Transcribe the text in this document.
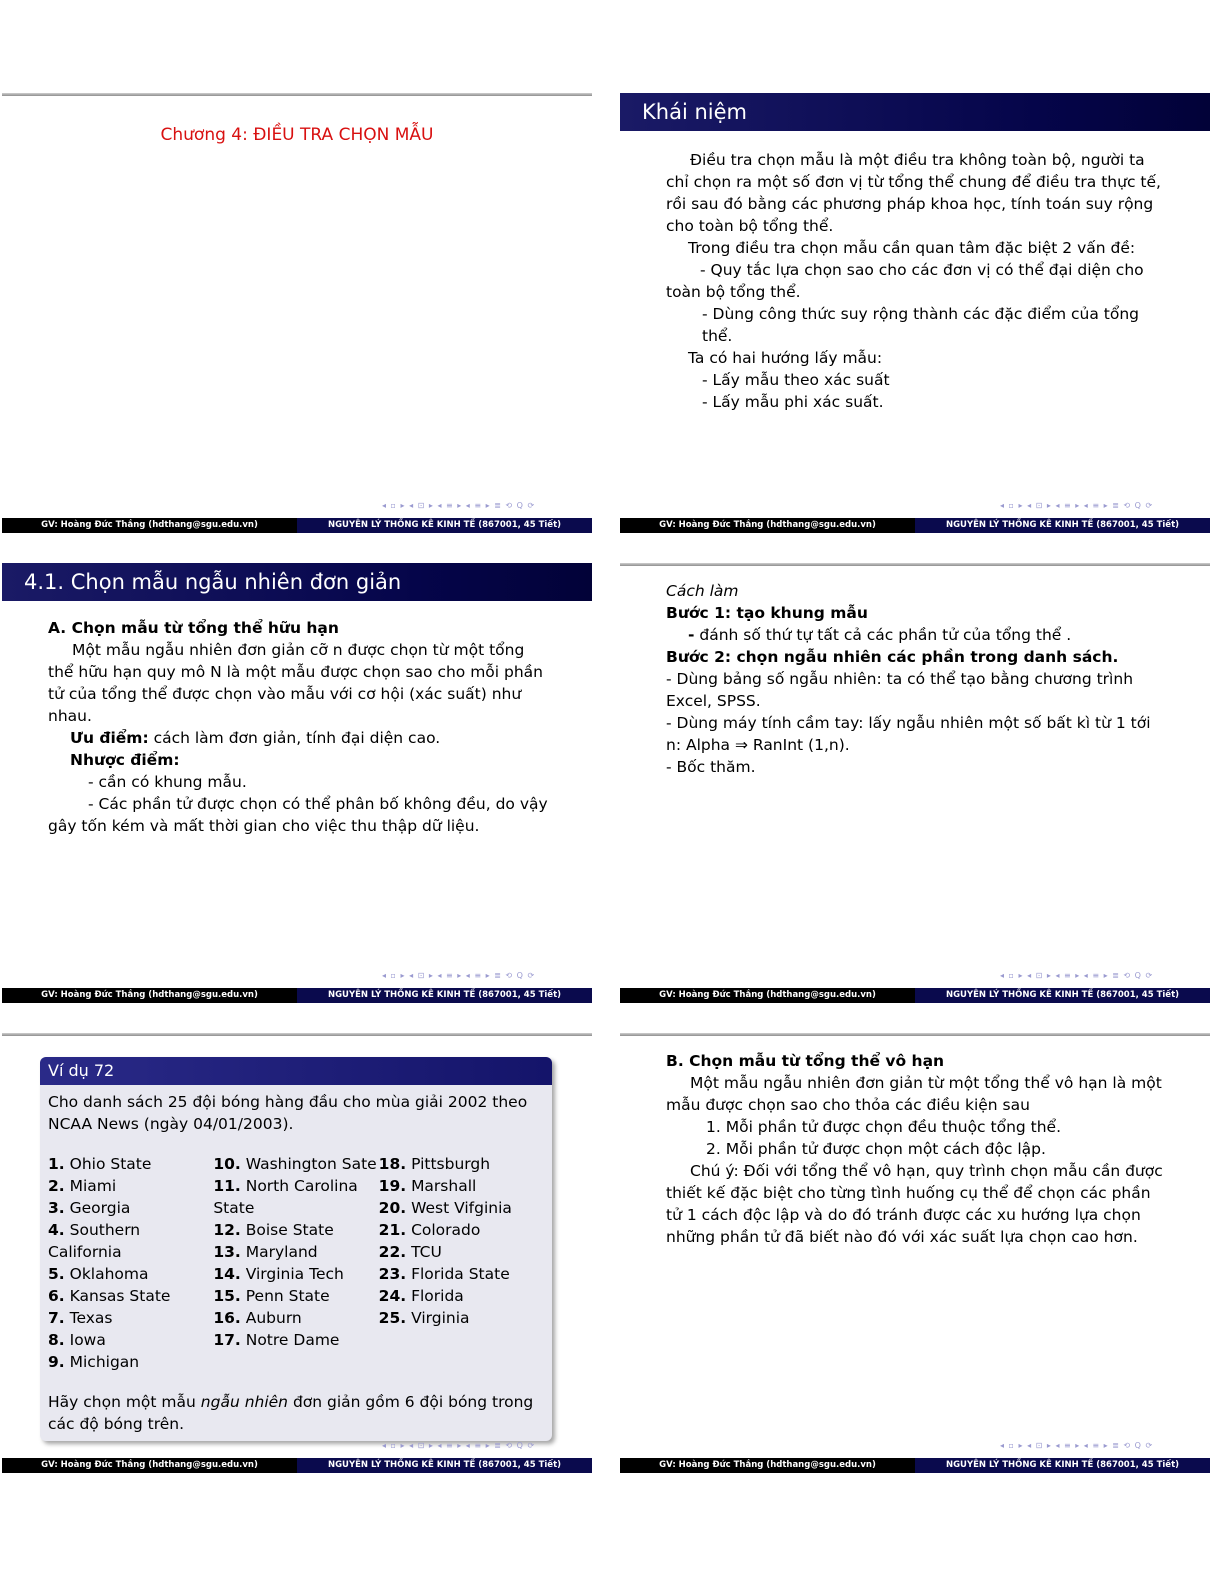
Chương 4: ĐIỀU TRA CHỌN MẪU
◂ ▫ ▸ ◂ ⊡ ▸ ◂ ≡ ▸ ◂ ≡ ▸ ≣ ⟲ Q ⟳
GV: Hoàng Đức Thắng (hdthang@sgu.edu.vn)	NGUYÊN LÝ THỐNG KÊ KINH TẾ (867001, 45 Tiết)
Khái niệm

Điều tra chọn mẫu là một điều tra không toàn bộ, người ta chỉ chọn ra một số đơn vị từ tổng thể chung để điều tra thực tế, rồi sau đó bằng các phương pháp khoa học, tính toán suy rộng cho toàn bộ tổng thể.

Trong điều tra chọn mẫu cần quan tâm đặc biệt 2 vấn đề:

- Quy tắc lựa chọn sao cho các đơn vị có thể đại diện cho toàn bộ tổng thể.

- Dùng công thức suy rộng thành các đặc điểm của tổng thể.

Ta có hai hướng lấy mẫu:

- Lấy mẫu theo xác suất

- Lấy mẫu phi xác suất.

◂ ▫ ▸ ◂ ⊡ ▸ ◂ ≡ ▸ ◂ ≡ ▸ ≣ ⟲ Q ⟳
GV: Hoàng Đức Thắng (hdthang@sgu.edu.vn)	NGUYÊN LÝ THỐNG KÊ KINH TẾ (867001, 45 Tiết)
4.1. Chọn mẫu ngẫu nhiên đơn giản

A. Chọn mẫu từ tổng thể hữu hạn

Một mẫu ngẫu nhiên đơn giản cỡ n được chọn từ một tổng thể hữu hạn quy mô N là một mẫu được chọn sao cho mỗi phần tử của tổng thể được chọn vào mẫu với cơ hội (xác suất) như nhau.

Ưu điểm: cách làm đơn giản, tính đại diện cao.

Nhược điểm:

- cần có khung mẫu.

- Các phần tử được chọn có thể phân bố không đều, do vậy gây tốn kém và mất thời gian cho việc thu thập dữ liệu.

◂ ▫ ▸ ◂ ⊡ ▸ ◂ ≡ ▸ ◂ ≡ ▸ ≣ ⟲ Q ⟳
GV: Hoàng Đức Thắng (hdthang@sgu.edu.vn)	NGUYÊN LÝ THỐNG KÊ KINH TẾ (867001, 45 Tiết)

Cách làm

Bước 1: tạo khung mẫu

- đánh số thứ tự tất cả các phần tử của tổng thể .

Bước 2: chọn ngẫu nhiên các phần trong danh sách.

- Dùng bảng số ngẫu nhiên: ta có thể tạo bằng chương trình Excel, SPSS.

- Dùng máy tính cầm tay: lấy ngẫu nhiên một số bất kì từ 1 tới n: Alpha ⇒ RanInt (1,n).

- Bốc thăm.

◂ ▫ ▸ ◂ ⊡ ▸ ◂ ≡ ▸ ◂ ≡ ▸ ≣ ⟲ Q ⟳
GV: Hoàng Đức Thắng (hdthang@sgu.edu.vn)	NGUYÊN LÝ THỐNG KÊ KINH TẾ (867001, 45 Tiết)
Ví dụ 72

Cho danh sách 25 đội bóng hàng đầu cho mùa giải 2002 theo NCAA News (ngày 04/01/2003).

1. Ohio State
2. Miami
3. Georgia
4. Southern California
5. Oklahoma
6. Kansas State
7. Texas
8. Iowa
9. Michigan
10. Washington Sate
11. North Carolina State
12. Boise State
13. Maryland
14. Virginia Tech
15. Penn State
16. Auburn
17. Notre Dame
18. Pittsburgh
19. Marshall
20. West Vifginia
21. Colorado
22. TCU
23. Florida State
24. Florida
25. Virginia

Hãy chọn một mẫu ngẫu nhiên đơn giản gồm 6 đội bóng trong các độ bóng trên.

◂ ▫ ▸ ◂ ⊡ ▸ ◂ ≡ ▸ ◂ ≡ ▸ ≣ ⟲ Q ⟳
GV: Hoàng Đức Thắng (hdthang@sgu.edu.vn)	NGUYÊN LÝ THỐNG KÊ KINH TẾ (867001, 45 Tiết)

B. Chọn mẫu từ tổng thể vô hạn

Một mẫu ngẫu nhiên đơn giản từ một tổng thể vô hạn là một mẫu được chọn sao cho thỏa các điều kiện sau

1. Mỗi phần tử được chọn đều thuộc tổng thể.

2. Mỗi phần tử được chọn một cách độc lập.

Chú ý: Đối với tổng thể vô hạn, quy trình chọn mẫu cần được thiết kế đặc biệt cho từng tình huống cụ thể để chọn các phần tử 1 cách độc lập và do đó tránh được các xu hướng lựa chọn những phần tử đã biết nào đó với xác suất lựa chọn cao hơn.

◂ ▫ ▸ ◂ ⊡ ▸ ◂ ≡ ▸ ◂ ≡ ▸ ≣ ⟲ Q ⟳
GV: Hoàng Đức Thắng (hdthang@sgu.edu.vn)	NGUYÊN LÝ THỐNG KÊ KINH TẾ (867001, 45 Tiết)
